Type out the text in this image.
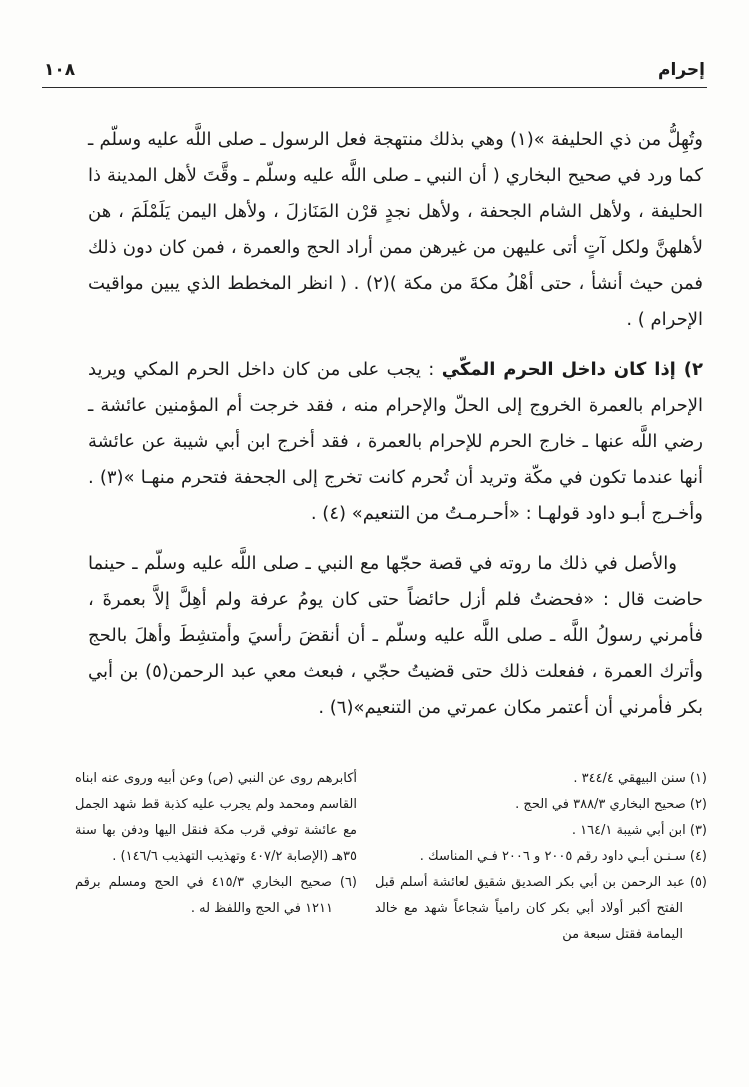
إحرام
١٠٨

وتُهِلُّ من ذي الحليفة »(١) وهي بذلك منتهجة فعل الرسول ـ صلى اللَّه عليه وسلّم ـ كما ورد في صحيح البخاري ( أن النبي ـ صلى اللَّه عليه وسلّم ـ وقَّتَ لأهل المدينة ذا الحليفة ، ولأهل الشام الجحفة ، ولأهل نجدٍ قرْن المَنَازلَ ، ولأهل اليمن يَلَمْلَمَ ، هن لأهلهنَّ ولكل آتٍ أتى عليهن من غيرهن ممن أراد الحج والعمرة ، فمن كان دون ذلك فمن حيث أنشأ ، حتى أهْلُ مكةَ من مكة )(٢) . ( انظر المخطط الذي يبين مواقيت الإحرام ) .

٢) إذا كان داخل الحرم المكّي : يجب على من كان داخل الحرم المكي ويريد الإحرام بالعمرة الخروج إلى الحلّ والإحرام منه ، فقد خرجت أم المؤمنين عائشة ـ رضي اللَّه عنها ـ خارج الحرم للإحرام بالعمرة ، فقد أخرج ابن أبي شيبة عن عائشة أنها عندما تكون في مكّة وتريد أن تُحرم كانت تخرج إلى الجحفة فتحرم منهـا »(٣) . وأخـرج أبـو داود قولهـا : «أحـرمـتُ من التنعيم» (٤) .

والأصل في ذلك ما روته في قصة حجّها مع النبي ـ صلى اللَّه عليه وسلّم ـ حينما حاضت قال : «فحضتُ فلم أزل حائضاً حتى كان يومُ عرفة ولم أهِلَّ إلاَّ بعمرةَ ، فأمرني رسولُ اللَّه ـ صلى اللَّه عليه وسلّم ـ أن أنقضَ رأسيَ وأمتشِطَ وأهلَ بالحج وأترك العمرة ، ففعلت ذلك حتى قضيتُ حجّي ، فبعث معي عبد الرحمن(٥) بن أبي بكر فأمرني أن أعتمر مكان عمرتي من التنعيم»(٦) .

(١) سنن البيهقي ٣٤٤/٤ .

(٢) صحيح البخاري ٣٨٨/٣ في الحج .

(٣) ابن أبي شيبة ١٦٤/١ .

(٤) سـنـن أبـي داود رقم ٢٠٠٥ و ٢٠٠٦ فـي المناسك .

(٥) عبد الرحمن بن أبي بكر الصديق شقيق لعائشة أسلم قبل الفتح أكبر أولاد أبي بكر كان رامياً شجاعاً شهد مع خالد اليمامة فقتل سبعة من

أكابرهم روى عن النبي (ص) وعن أبيه وروى عنه ابناه القاسم ومحمد ولم يجرب عليه كذبة قط شهد الجمل مع عائشة توفي قرب مكة فنقل اليها ودفن بها سنة ٣٥هـ (الإصابة ٤٠٧/٢ وتهذيب التهذيب ١٤٦/٦) .

(٦) صحيح البخاري ٤١٥/٣ في الحج ومسلم برقم ١٢١١ في الحج واللفظ له .
